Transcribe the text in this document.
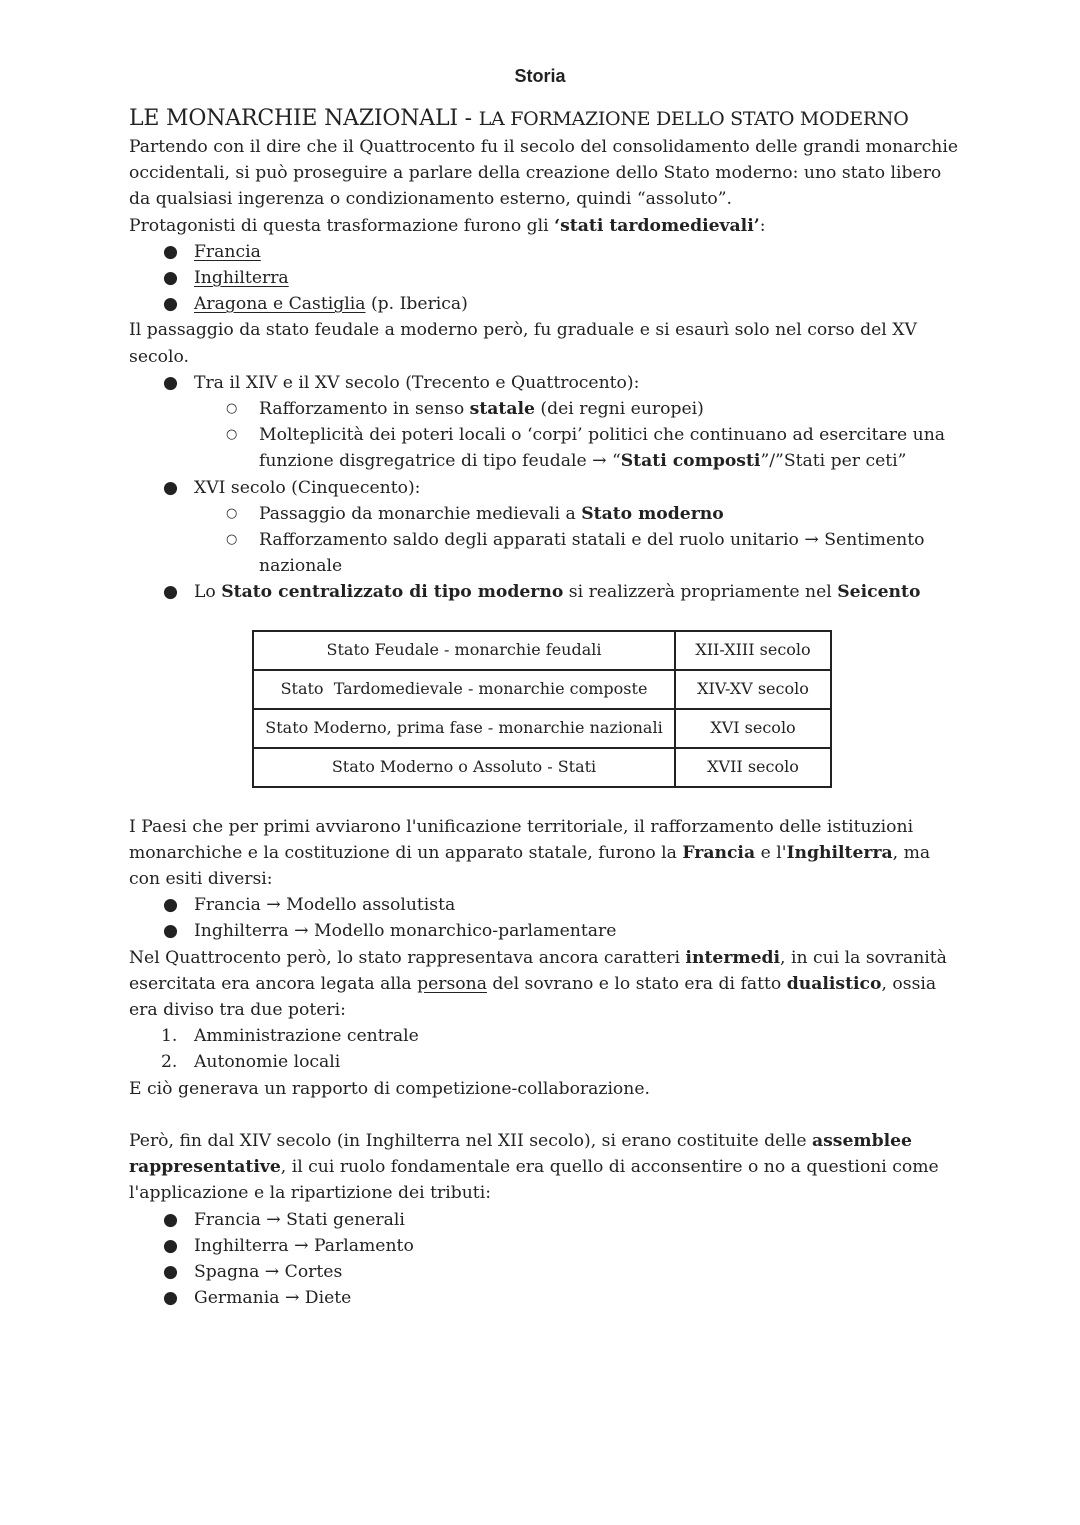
Storia
LE MONARCHIE NAZIONALI - LA FORMAZIONE DELLO STATO MODERNO

Partendo con il dire che il Quattrocento fu il secolo del consolidamento delle grandi monarchie occidentali, si può proseguire a parlare della creazione dello Stato moderno: uno stato libero da qualsiasi ingerenza o condizionamento esterno, quindi “assoluto”.

Protagonisti di questa trasformazione furono gli ‘stati tardomedievali’:

● Francia
● Inghilterra
● Aragona e Castiglia (p. Iberica)

Il passaggio da stato feudale a moderno però, fu graduale e si esaurì solo nel corso del XV secolo.

● Tra il XIV e il XV secolo (Trecento e Quattrocento):
○ Rafforzamento in senso statale (dei regni europei)
○ Molteplicità dei poteri locali o ‘corpi’ politici che continuano ad esercitare una funzione disgregatrice di tipo feudale → “Stati composti”/”Stati per ceti”
● XVI secolo (Cinquecento):
○ Passaggio da monarchie medievali a Stato moderno
○ Rafforzamento saldo degli apparati statali e del ruolo unitario → Sentimento nazionale
● Lo Stato centralizzato di tipo moderno si realizzerà propriamente nel Seicento
Stato Feudale - monarchie feudali	XII-XIII secolo
Stato  Tardomedievale - monarchie composte	XIV-XV secolo
Stato Moderno, prima fase - monarchie nazionali	XVI secolo
Stato Moderno o Assoluto - Stati	XVII secolo

I Paesi che per primi avviarono l'unificazione territoriale, il rafforzamento delle istituzioni monarchiche e la costituzione di un apparato statale, furono la Francia e l'Inghilterra, ma con esiti diversi:

● Francia → Modello assolutista
● Inghilterra → Modello monarchico-parlamentare

Nel Quattrocento però, lo stato rappresentava ancora caratteri intermedi, in cui la sovranità esercitata era ancora legata alla persona del sovrano e lo stato era di fatto dualistico, ossia era diviso tra due poteri:

1. Amministrazione centrale
2. Autonomie locali

E ciò generava un rapporto di competizione-collaborazione.

Però, fin dal XIV secolo (in Inghilterra nel XII secolo), si erano costituite delle assemblee rappresentative, il cui ruolo fondamentale era quello di acconsentire o no a questioni come l'applicazione e la ripartizione dei tributi:

● Francia → Stati generali
● Inghilterra → Parlamento
● Spagna → Cortes
● Germania → Diete
